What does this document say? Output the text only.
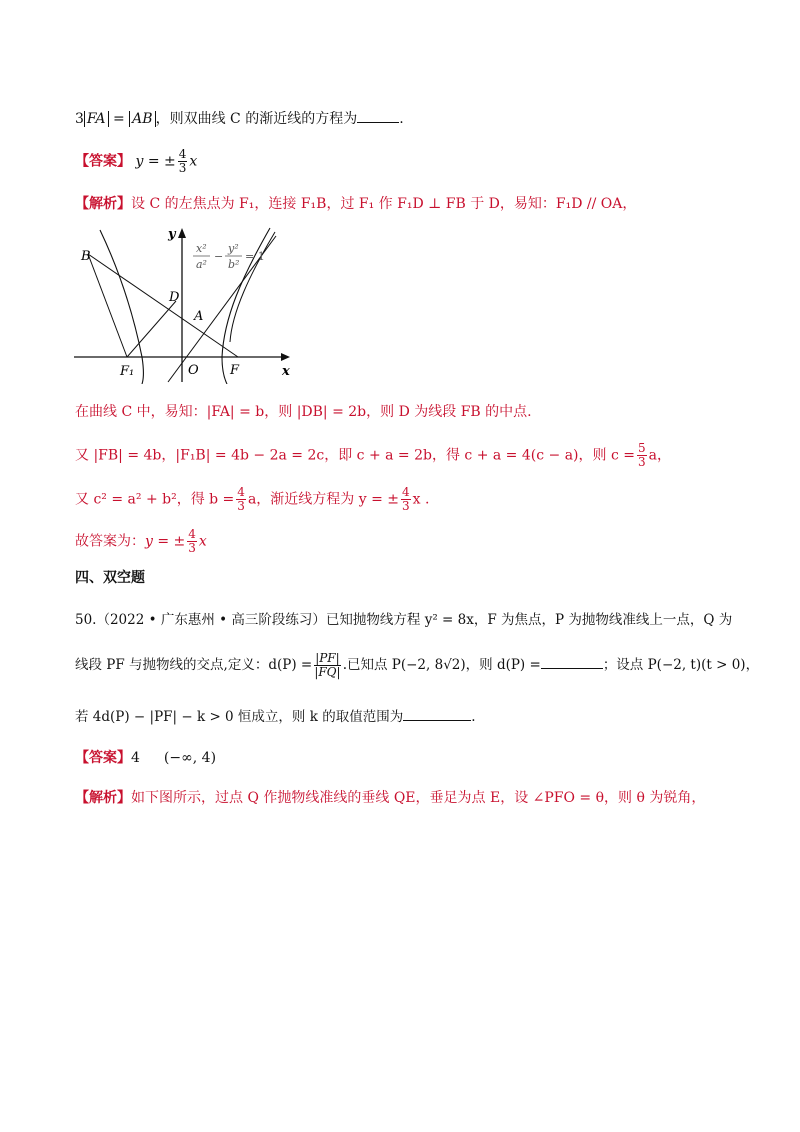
3 FA = AB ，则双曲线 C 的渐近线的方程为	.
【答案】 y = ± $\frac{4}{3}$ x
【解析】设 C 的左焦点为 F₁，连接 F₁B，过 F₁ 作 F₁D ⊥ FB 于 D，易知：F₁D // OA，
B
D
A
F₁	O F	x
y
x²
a²
−
y²
b²
= 1
在曲线 C 中，易知：|FA| = b，则 |DB| = 2b，则 D 为线段 FB 的中点.
又 |FB| = 4b，|F₁B| = 4b − 2a = 2c，即 c + a = 2b，得 c + a = 4(c − a)，则 $c = \frac{5}{3}$ a，
又 c² = a² + b²，得 $b = \frac{4}{3}$ a，渐近线方程为 y = ± $\frac{4}{3}$ x .
故答案为：y = ± $\frac{4}{3}$ x
四、双空题
50.（2022 • 广东惠州 • 高三阶段练习）已知抛物线方程 y² = 8x，F 为焦点，P 为抛物线准线上一点，Q 为
线段 PF 与抛物线的交点,定义：$d(P) = \frac{|PF|}{|FQ|}$ .已知点 P(−2, 8√2)，则 d(P) =	；设点 P(−2, t)(t > 0)，
若 4d(P) − |PF| − k > 0 恒成立，则 k 的取值范围为	.
【答案】4 (−∞, 4)
【解析】如下图所示，过点 Q 作抛物线准线的垂线 QE，垂足为点 E，设 ∠PFO = θ，则 θ 为锐角，
